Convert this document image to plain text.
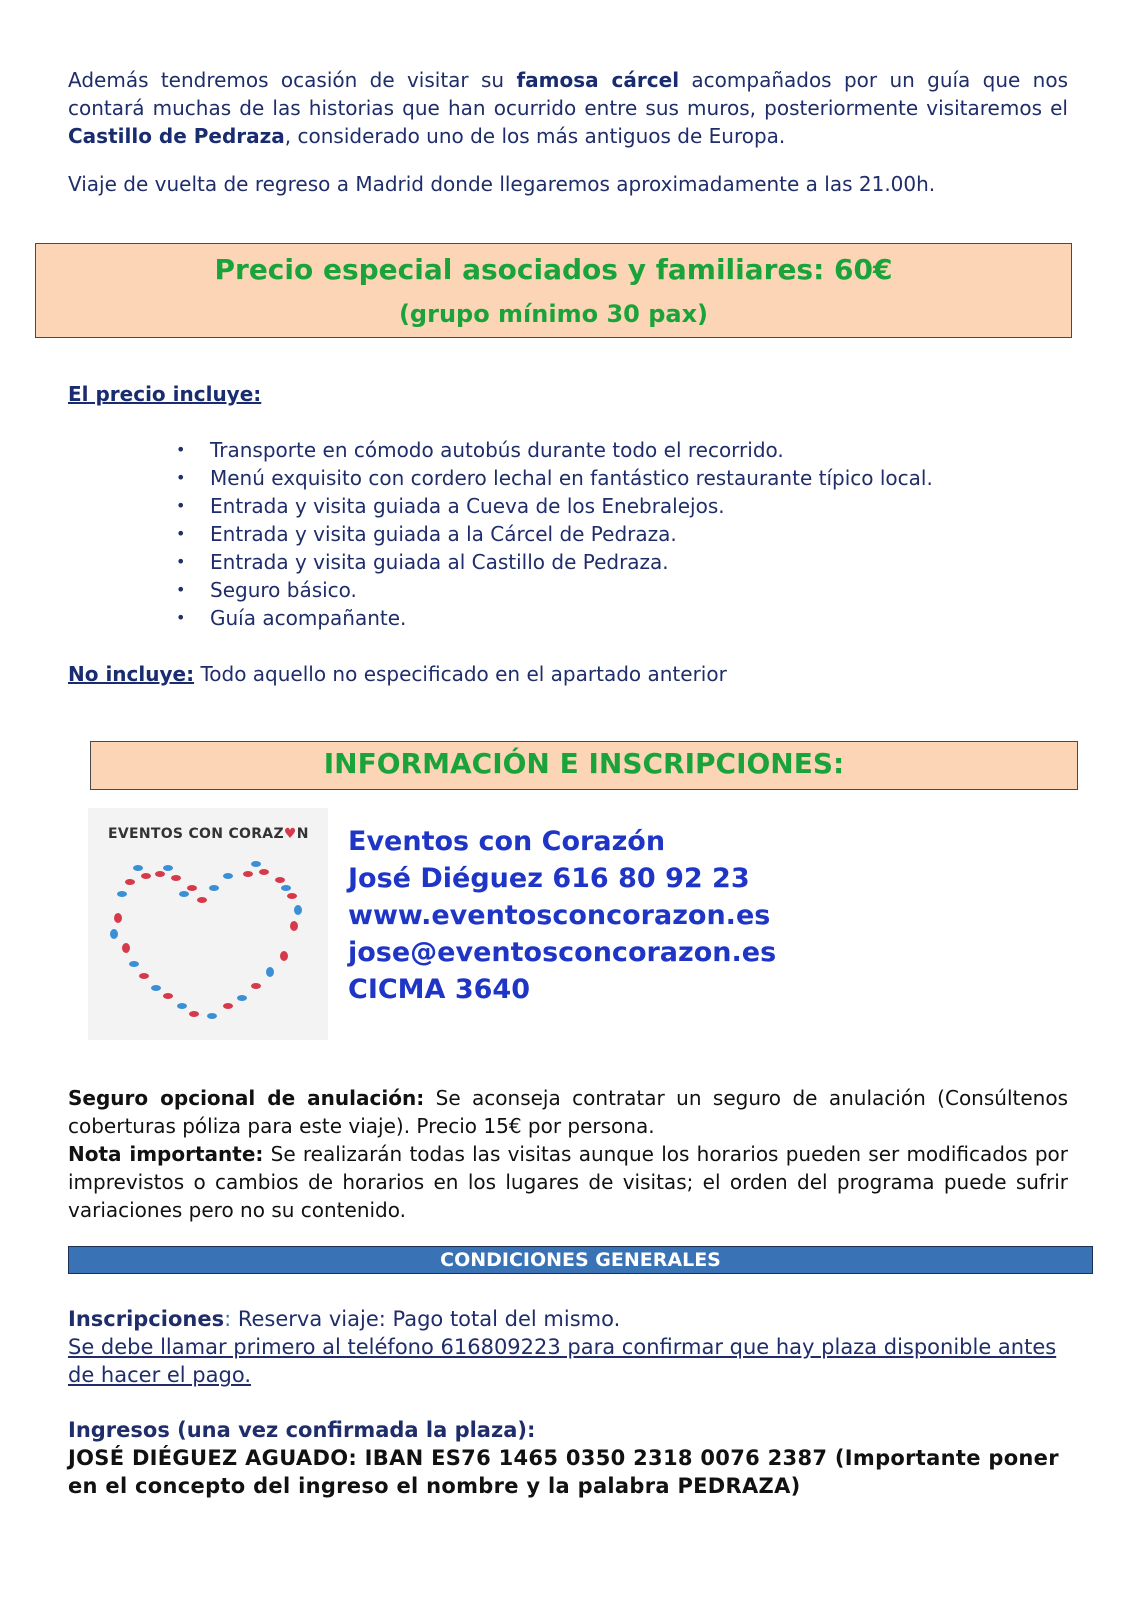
Además tendremos ocasión de visitar su famosa cárcel acompañados por un guía que nos contará muchas de las historias que han ocurrido entre sus muros, posteriormente visitaremos el Castillo de Pedraza, considerado uno de los más antiguos de Europa.
Viaje de vuelta de regreso a Madrid donde llegaremos aproximadamente a las 21.00h.
Precio especial asociados y familiares: 60€
(grupo mínimo 30 pax)
El precio incluye:
• Transporte en cómodo autobús durante todo el recorrido.
• Menú exquisito con cordero lechal en fantástico restaurante típico local.
• Entrada y visita guiada a Cueva de los Enebralejos.
• Entrada y visita guiada a la Cárcel de Pedraza.
• Entrada y visita guiada al Castillo de Pedraza.
• Seguro básico.
• Guía acompañante.
No incluye: Todo aquello no especificado en el apartado anterior
INFORMACIÓN E INSCRIPCIONES:
EVENTOS CON CORAZ♥N Eventos con Corazón
José Diéguez 616 80 92 23
www.eventosconcorazon.es
jose@eventosconcorazon.es
CICMA 3640
Seguro opcional de anulación: Se aconseja contratar un seguro de anulación (Consúltenos coberturas póliza para este viaje). Precio 15€ por persona.
Nota importante: Se realizarán todas las visitas aunque los horarios pueden ser modificados por imprevistos o cambios de horarios en los lugares de visitas; el orden del programa puede sufrir variaciones pero no su contenido.
CONDICIONES GENERALES
Inscripciones: Reserva viaje: Pago total del mismo.
Se debe llamar primero al teléfono 616809223 para confirmar que hay plaza disponible antes de hacer el pago.
Ingresos (una vez confirmada la plaza):
JOSÉ DIÉGUEZ AGUADO: IBAN ES76 1465 0350 2318 0076 2387 (Importante poner en el concepto del ingreso el nombre y la palabra PEDRAZA)
